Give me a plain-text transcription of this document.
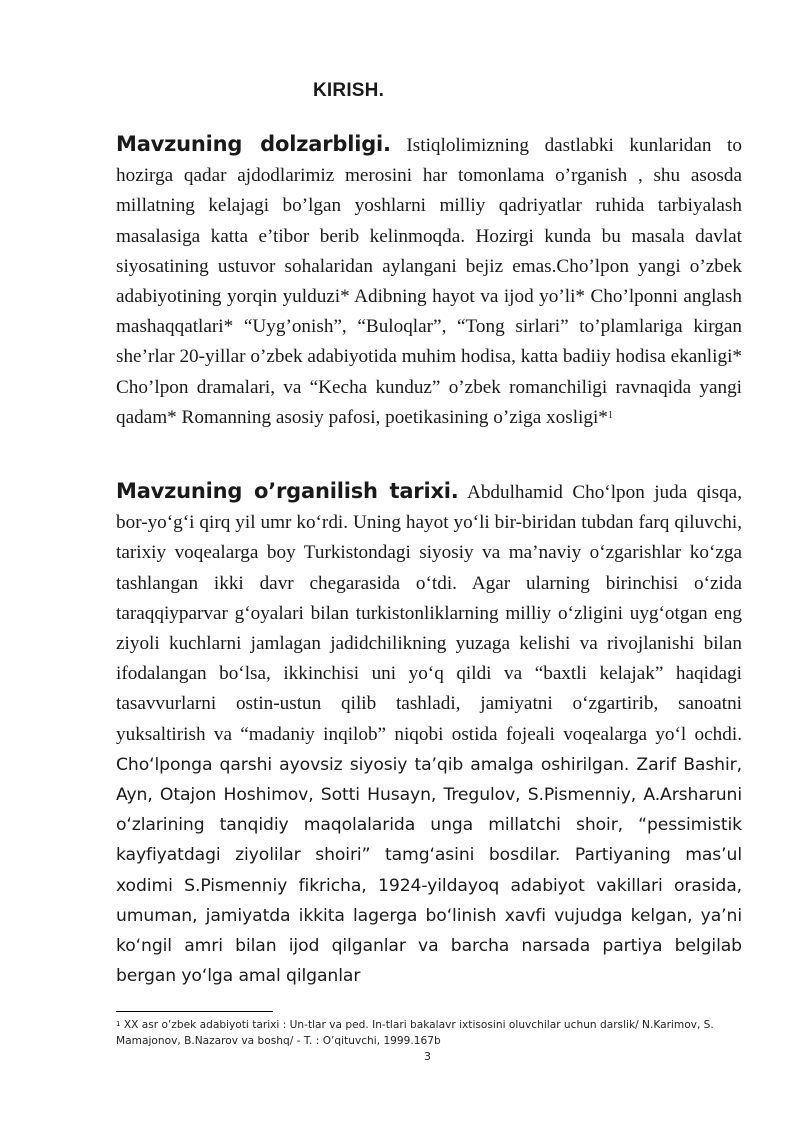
KIRISH.

Mavzuning dolzarbligi. Istiqlolimizning dastlabki kunlaridan to hozirga qadar ajdodlarimiz merosini har tomonlama o’rganish , shu asosda millatning kelajagi bo’lgan yoshlarni milliy qadriyatlar ruhida tarbiyalash masalasiga katta e’tibor berib kelinmoqda. Hozirgi kunda bu masala davlat siyosatining ustuvor sohalaridan aylangani bejiz emas.Cho’lpon yangi o’zbek adabiyotining yorqin yulduzi* Adibning hayot va ijod yo’li* Cho’lponni anglash mashaqqatlari* “Uyg’onish”, “Buloqlar”, “Tong sirlari” to’plamlariga kirgan she’rlar 20-yillar o’zbek adabiyotida muhim hodisa, katta badiiy hodisa ekanligi* Cho’lpon dramalari, va “Kecha kunduz” o’zbek romanchiligi ravnaqida yangi qadam* Romanning asosiy pafosi, poetikasining o’ziga xosligi*$^1$

Mavzuning o’rganilish tarixi. Abdulhamid Cho‘lpon juda qisqa, bor-yo‘g‘i qirq yil umr ko‘rdi. Uning hayot yo‘li bir-biridan tubdan farq qiluvchi, tarixiy voqealarga boy Turkistondagi siyosiy va ma’naviy o‘zgarishlar ko‘zga tashlangan ikki davr chegarasida o‘tdi. Agar ularning birinchisi o‘zida taraqqiyparvar g‘oyalari bilan turkistonliklarning milliy o‘zligini uyg‘otgan eng ziyoli kuchlarni jamlagan jadidchilikning yuzaga kelishi va rivojlanishi bilan ifodalangan bo‘lsa, ikkinchisi uni yo‘q qildi va “baxtli kelajak” haqidagi tasavvurlarni ostin-ustun qilib tashladi, jamiyatni o‘zgartirib, sanoatni yuksaltirish va “madaniy inqilob” niqobi ostida fojeali voqealarga yo‘l ochdi. Cho‘lponga qarshi ayovsiz siyosiy ta’qib amalga oshirilgan. Zarif Bashir, Ayn, Otajon Hoshimov, Sotti Husayn, Tregulov, S.Pismenniy, A.Arsharuni o‘zlarining tanqidiy maqolalarida unga millatchi shoir, “pessimistik kayfiyatdagi ziyolilar shoiri” tamg‘asini bosdilar. Partiyaning mas’ul xodimi S.Pismenniy fikricha, 1924-yildayoq adabiyot vakillari orasida, umuman, jamiyatda ikkita lagerga bo‘linish xavfi vujudga kelgan, ya’ni ko‘ngil amri bilan ijod qilganlar va barcha narsada partiya belgilab bergan yo‘lga amal qilganlar

$^1$ XX asr o’zbek adabiyoti tarixi : Un-tlar va ped. In-tlari bakalavr ixtisosini oluvchilar uchun darslik/ N.Karimov, S. Mamajonov, B.Nazarov va boshq/ - T. : O’qituvchi, 1999.167b
3
